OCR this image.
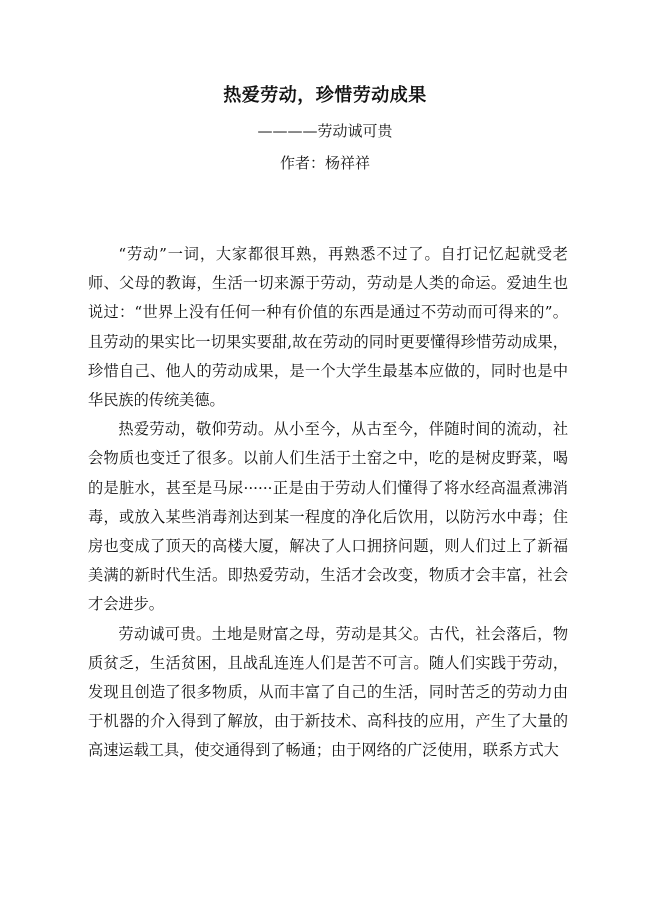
热爱劳动，珍惜劳动成果
————劳动诚可贵
作者：杨祥祥

“劳动”一词，大家都很耳熟，再熟悉不过了。自打记忆起就受老师、父母的教诲，生活一切来源于劳动，劳动是人类的命运。爱迪生也说过：“世界上没有任何一种有价值的东西是通过不劳动而可得来的”。且劳动的果实比一切果实要甜,故在劳动的同时更要懂得珍惜劳动成果，珍惜自己、他人的劳动成果，是一个大学生最基本应做的，同时也是中华民族的传统美德。

热爱劳动，敬仰劳动。从小至今，从古至今，伴随时间的流动，社会物质也变迁了很多。以前人们生活于土窑之中，吃的是树皮野菜，喝的是脏水，甚至是马尿······正是由于劳动人们懂得了将水经高温煮沸消毒，或放入某些消毒剂达到某一程度的净化后饮用，以防污水中毒；住房也变成了顶天的高楼大厦，解决了人口拥挤问题，则人们过上了新福美满的新时代生活。即热爱劳动，生活才会改变，物质才会丰富，社会才会进步。

劳动诚可贵。土地是财富之母，劳动是其父。古代，社会落后，物质贫乏，生活贫困，且战乱连连人们是苦不可言。随人们实践于劳动，发现且创造了很多物质，从而丰富了自己的生活，同时苦乏的劳动力由于机器的介入得到了解放，由于新技术、高科技的应用，产生了大量的高速运载工具，使交通得到了畅通；由于网络的广泛使用，联系方式大
